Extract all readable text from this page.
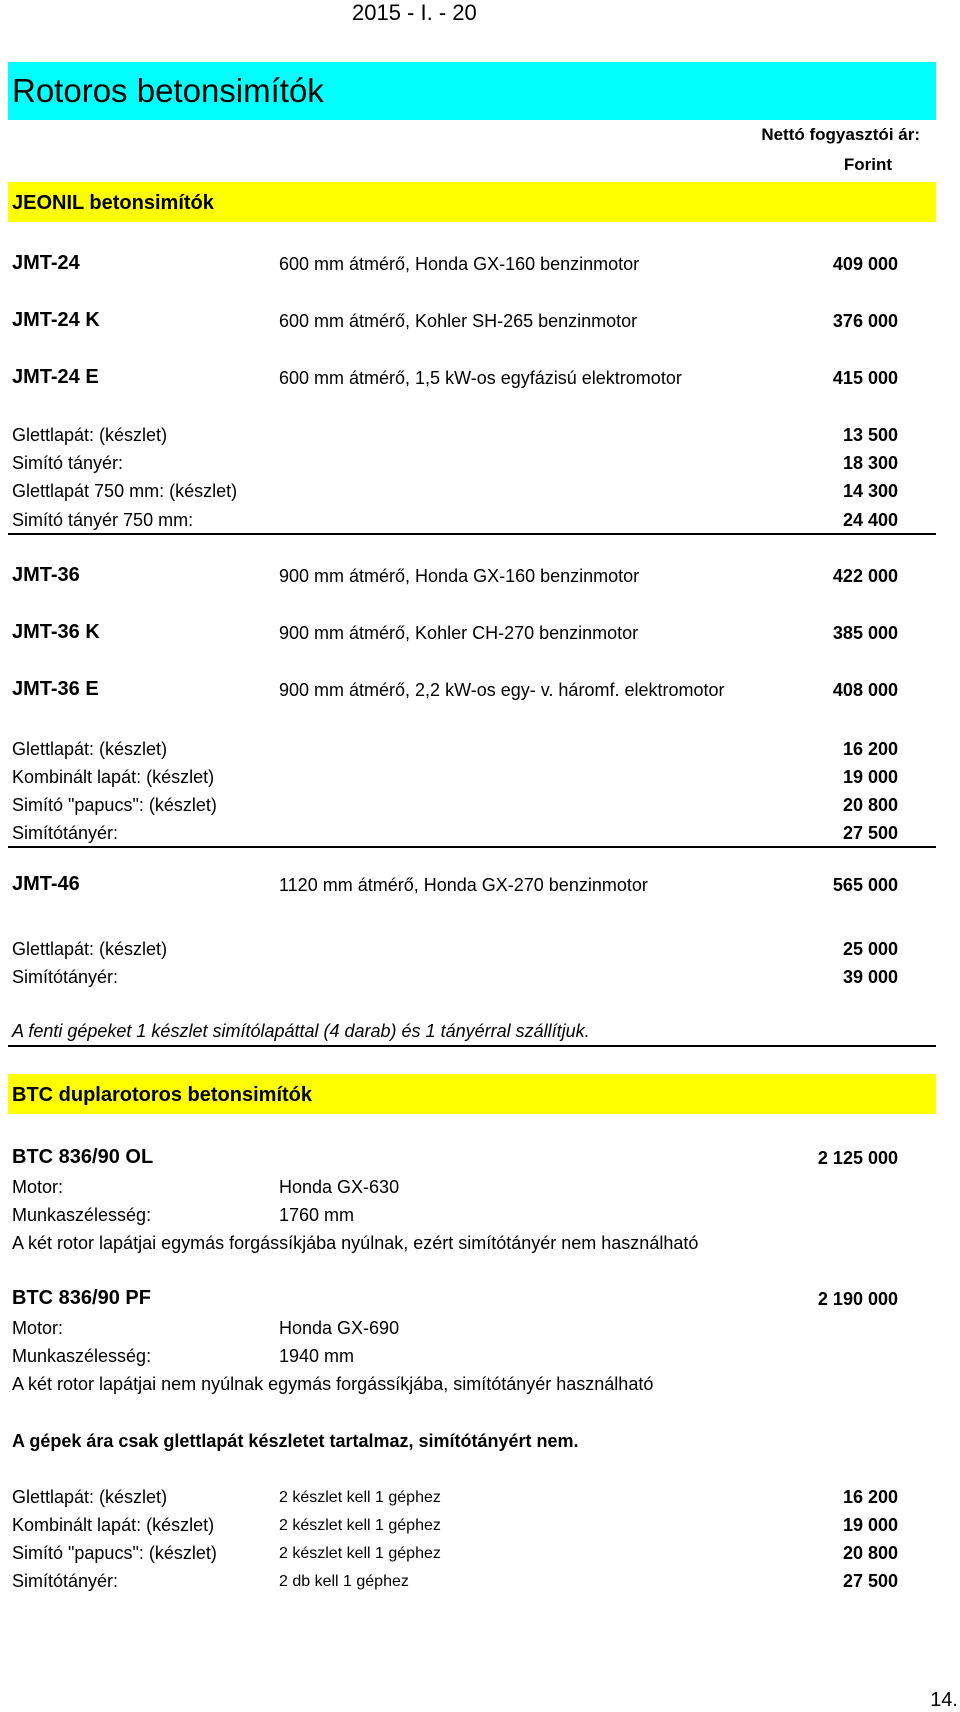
2015 - I. - 20
Rotoros betonsimítók
Nettó fogyasztói ár:
Forint
JEONIL betonsimítók
JMT-24	600 mm átmérő, Honda GX-160 benzinmotor	409 000
JMT-24 K	600 mm átmérő, Kohler SH-265 benzinmotor	376 000
JMT-24 E	600 mm átmérő, 1,5 kW-os egyfázisú elektromotor	415 000
Glettlapát: (készlet)	13 500
Simító tányér:	18 300
Glettlapát 750 mm: (készlet)	14 300
Simító tányér 750 mm:	24 400
JMT-36	900 mm átmérő, Honda GX-160 benzinmotor	422 000
JMT-36 K	900 mm átmérő, Kohler CH-270 benzinmotor	385 000
JMT-36 E	900 mm átmérő, 2,2 kW-os egy- v. háromf. elektromotor	408 000
Glettlapát: (készlet)	16 200
Kombinált lapát: (készlet)	19 000
Simító "papucs": (készlet)	20 800
Simítótányér:	27 500
JMT-46	1120 mm átmérő, Honda GX-270 benzinmotor	565 000
Glettlapát: (készlet)	25 000
Simítótányér:	39 000
A fenti gépeket 1 készlet simítólapáttal (4 darab) és 1 tányérral szállítjuk.
BTC duplarotoros betonsimítók
BTC 836/90 OL	2 125 000
Motor:	Honda GX-630
Munkaszélesség:	1760 mm
A két rotor lapátjai egymás forgássíkjába nyúlnak, ezért simítótányér nem használható
BTC 836/90 PF	2 190 000
Motor:	Honda GX-690
Munkaszélesség:	1940 mm
A két rotor lapátjai nem nyúlnak egymás forgássíkjába, simítótányér használható
A gépek ára csak glettlapát készletet tartalmaz, simítótányért nem.
Glettlapát: (készlet)	2 készlet kell 1 géphez	16 200
Kombinált lapát: (készlet)	2 készlet kell 1 géphez	19 000
Simító "papucs": (készlet)	2 készlet kell 1 géphez	20 800
Simítótányér:	2 db kell 1 géphez	27 500
14.
